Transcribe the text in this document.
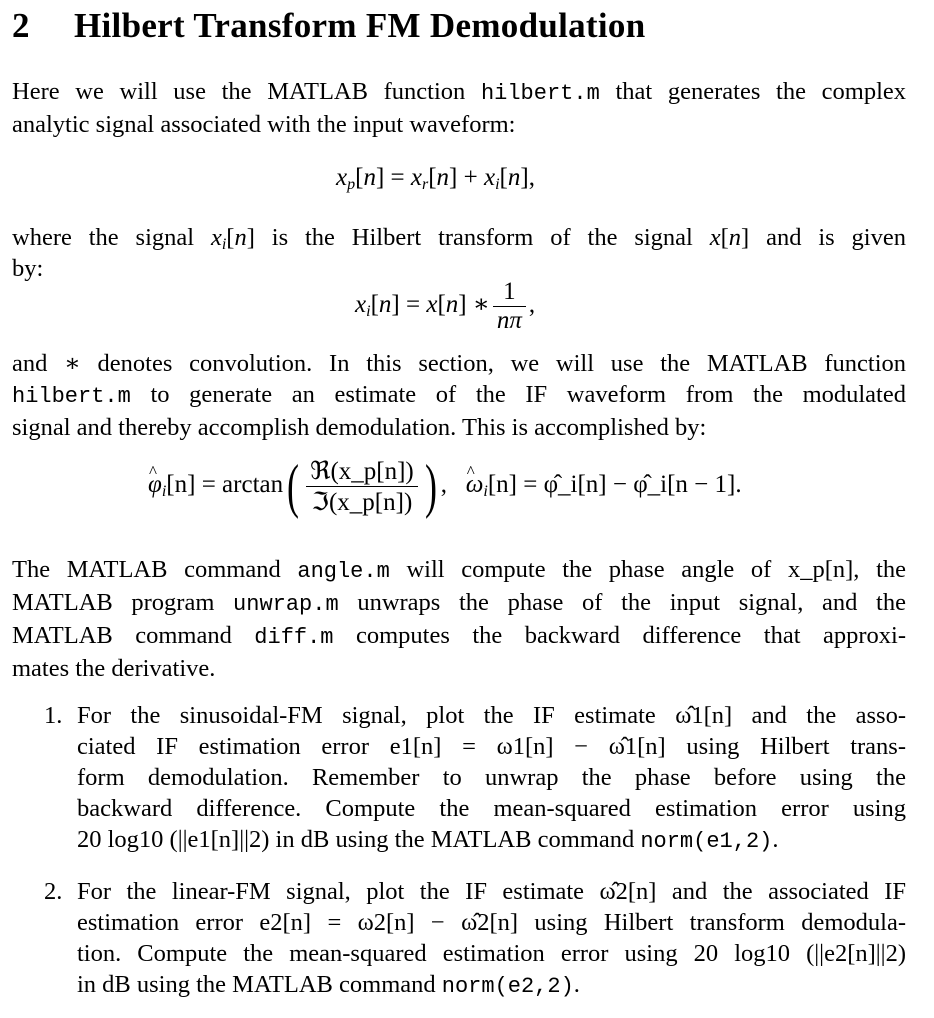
2 Hilbert Transform FM Demodulation
Here we will use the MATLAB function hilbert.m that generates the complex
analytic signal associated with the input waveform:
$x_p[n] = x_r[n] + x_i[n]$,
where the signal $x_i[n]$ is the Hilbert transform of the signal x[n] and is given
by:
$x_i[n] = x[n]$ ∗ $\frac{1}{n\pi}$ ,
and ∗ denotes convolution. In this section, we will use the MATLAB function
hilbert.m to generate an estimate of the IF waveform from the modulated
signal and thereby accomplish demodulation. This is accomplished by:
^ $\varphi_i[n] = \arctan( \frac{\text{ℜ(x\_p[n])}}{\text{ℑ(x\_p[n])}}$ ) ,   ^ $\omega_i[n]$ = φ̂_i[n] − φ̂_i[n − 1].
The MATLAB command angle.m will compute the phase angle of x_p[n], the
MATLAB program unwrap.m unwraps the phase of the input signal, and the
MATLAB command diff.m computes the backward difference that approxi-
mates the derivative.
1. For the sinusoidal-FM signal, plot the IF estimate ω̂1[n] and the asso-
ciated IF estimation error e1[n] = ω1[n] − ω̂1[n] using Hilbert trans-
form demodulation. Remember to unwrap the phase before using the
backward difference. Compute the mean-squared estimation error using
20 log10 (||e1[n]||2) in dB using the MATLAB command norm(e1,2).
2. For the linear-FM signal, plot the IF estimate ω̂2[n] and the associated IF
estimation error e2[n] = ω2[n] − ω̂2[n] using Hilbert transform demodula-
tion. Compute the mean-squared estimation error using 20 log10 (||e2[n]||2)
in dB using the MATLAB command norm(e2,2).
